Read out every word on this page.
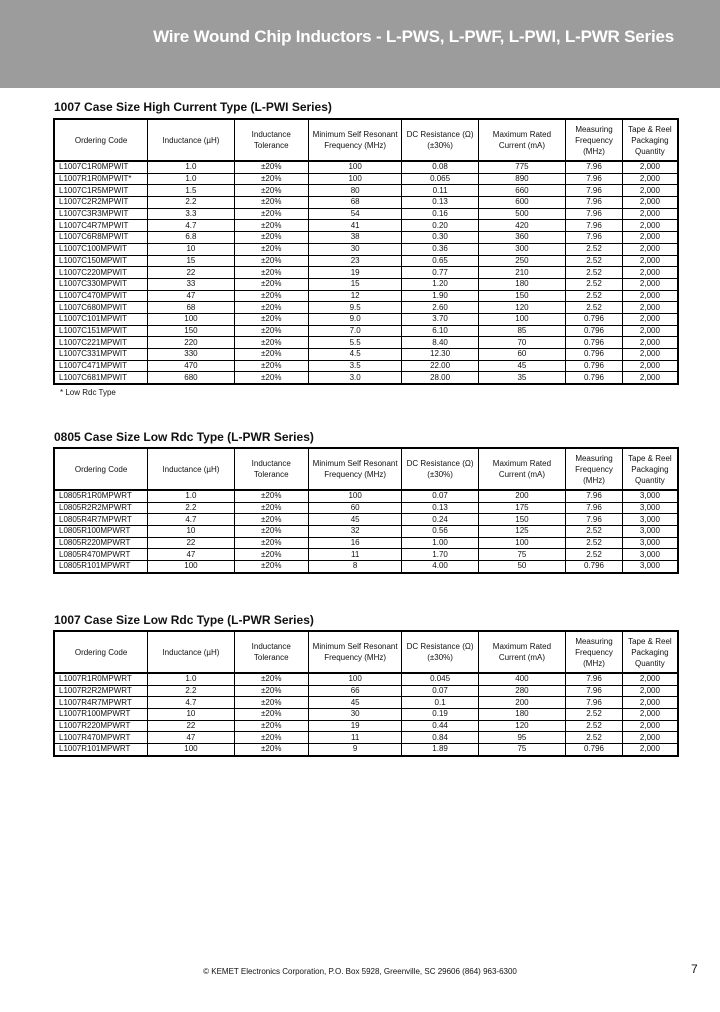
Wire Wound Chip Inductors - L-PWS, L-PWF, L-PWI, L-PWR Series
1007 Case Size High Current Type (L-PWI Series)
Ordering Code	Inductance (µH)	Inductance Tolerance	Minimum Self Resonant Frequency (MHz)	DC Resistance (Ω) (±30%)	Maximum Rated Current (mA)	Measuring Frequency (MHz)	Tape & Reel Packaging Quantity
L1007C1R0MPWIT	1.0	±20%	100	0.08	775	7.96	2,000
L1007R1R0MPWIT*	1.0	±20%	100	0.065	890	7.96	2,000
L1007C1R5MPWIT	1.5	±20%	80	0.11	660	7.96	2,000
L1007C2R2MPWIT	2.2	±20%	68	0.13	600	7.96	2,000
L1007C3R3MPWIT	3.3	±20%	54	0.16	500	7.96	2,000
L1007C4R7MPWIT	4.7	±20%	41	0.20	420	7.96	2,000
L1007C6R8MPWIT	6.8	±20%	38	0.30	360	7.96	2,000
L1007C100MPWIT	10	±20%	30	0.36	300	2.52	2,000
L1007C150MPWIT	15	±20%	23	0.65	250	2.52	2,000
L1007C220MPWIT	22	±20%	19	0.77	210	2.52	2,000
L1007C330MPWIT	33	±20%	15	1.20	180	2.52	2,000
L1007C470MPWIT	47	±20%	12	1.90	150	2.52	2,000
L1007C680MPWIT	68	±20%	9.5	2.60	120	2.52	2,000
L1007C101MPWIT	100	±20%	9.0	3.70	100	0.796	2,000
L1007C151MPWIT	150	±20%	7.0	6.10	85	0.796	2,000
L1007C221MPWIT	220	±20%	5.5	8.40	70	0.796	2,000
L1007C331MPWIT	330	±20%	4.5	12.30	60	0.796	2,000
L1007C471MPWIT	470	±20%	3.5	22.00	45	0.796	2,000
L1007C681MPWIT	680	±20%	3.0	28.00	35	0.796	2,000
* Low Rdc Type
0805 Case Size Low Rdc Type (L-PWR Series)
Ordering Code	Inductance (µH)	Inductance Tolerance	Minimum Self Resonant Frequency (MHz)	DC Resistance (Ω) (±30%)	Maximum Rated Current (mA)	Measuring Frequency (MHz)	Tape & Reel Packaging Quantity
L0805R1R0MPWRT	1.0	±20%	100	0.07	200	7.96	3,000
L0805R2R2MPWRT	2.2	±20%	60	0.13	175	7.96	3,000
L0805R4R7MPWRT	4.7	±20%	45	0.24	150	7.96	3,000
L0805R100MPWRT	10	±20%	32	0.56	125	2.52	3,000
L0805R220MPWRT	22	±20%	16	1.00	100	2.52	3,000
L0805R470MPWRT	47	±20%	11	1.70	75	2.52	3,000
L0805R101MPWRT	100	±20%	8	4.00	50	0.796	3,000
1007 Case Size Low Rdc Type (L-PWR Series)
Ordering Code	Inductance (µH)	Inductance Tolerance	Minimum Self Resonant Frequency (MHz)	DC Resistance (Ω) (±30%)	Maximum Rated Current (mA)	Measuring Frequency (MHz)	Tape & Reel Packaging Quantity
L1007R1R0MPWRT	1.0	±20%	100	0.045	400	7.96	2,000
L1007R2R2MPWRT	2.2	±20%	66	0.07	280	7.96	2,000
L1007R4R7MPWRT	4.7	±20%	45	0.1	200	7.96	2,000
L1007R100MPWRT	10	±20%	30	0.19	180	2.52	2,000
L1007R220MPWRT	22	±20%	19	0.44	120	2.52	2,000
L1007R470MPWRT	47	±20%	11	0.84	95	2.52	2,000
L1007R101MPWRT	100	±20%	9	1.89	75	0.796	2,000
© KEMET Electronics Corporation, P.O. Box 5928, Greenville, SC 29606 (864) 963-6300	7
